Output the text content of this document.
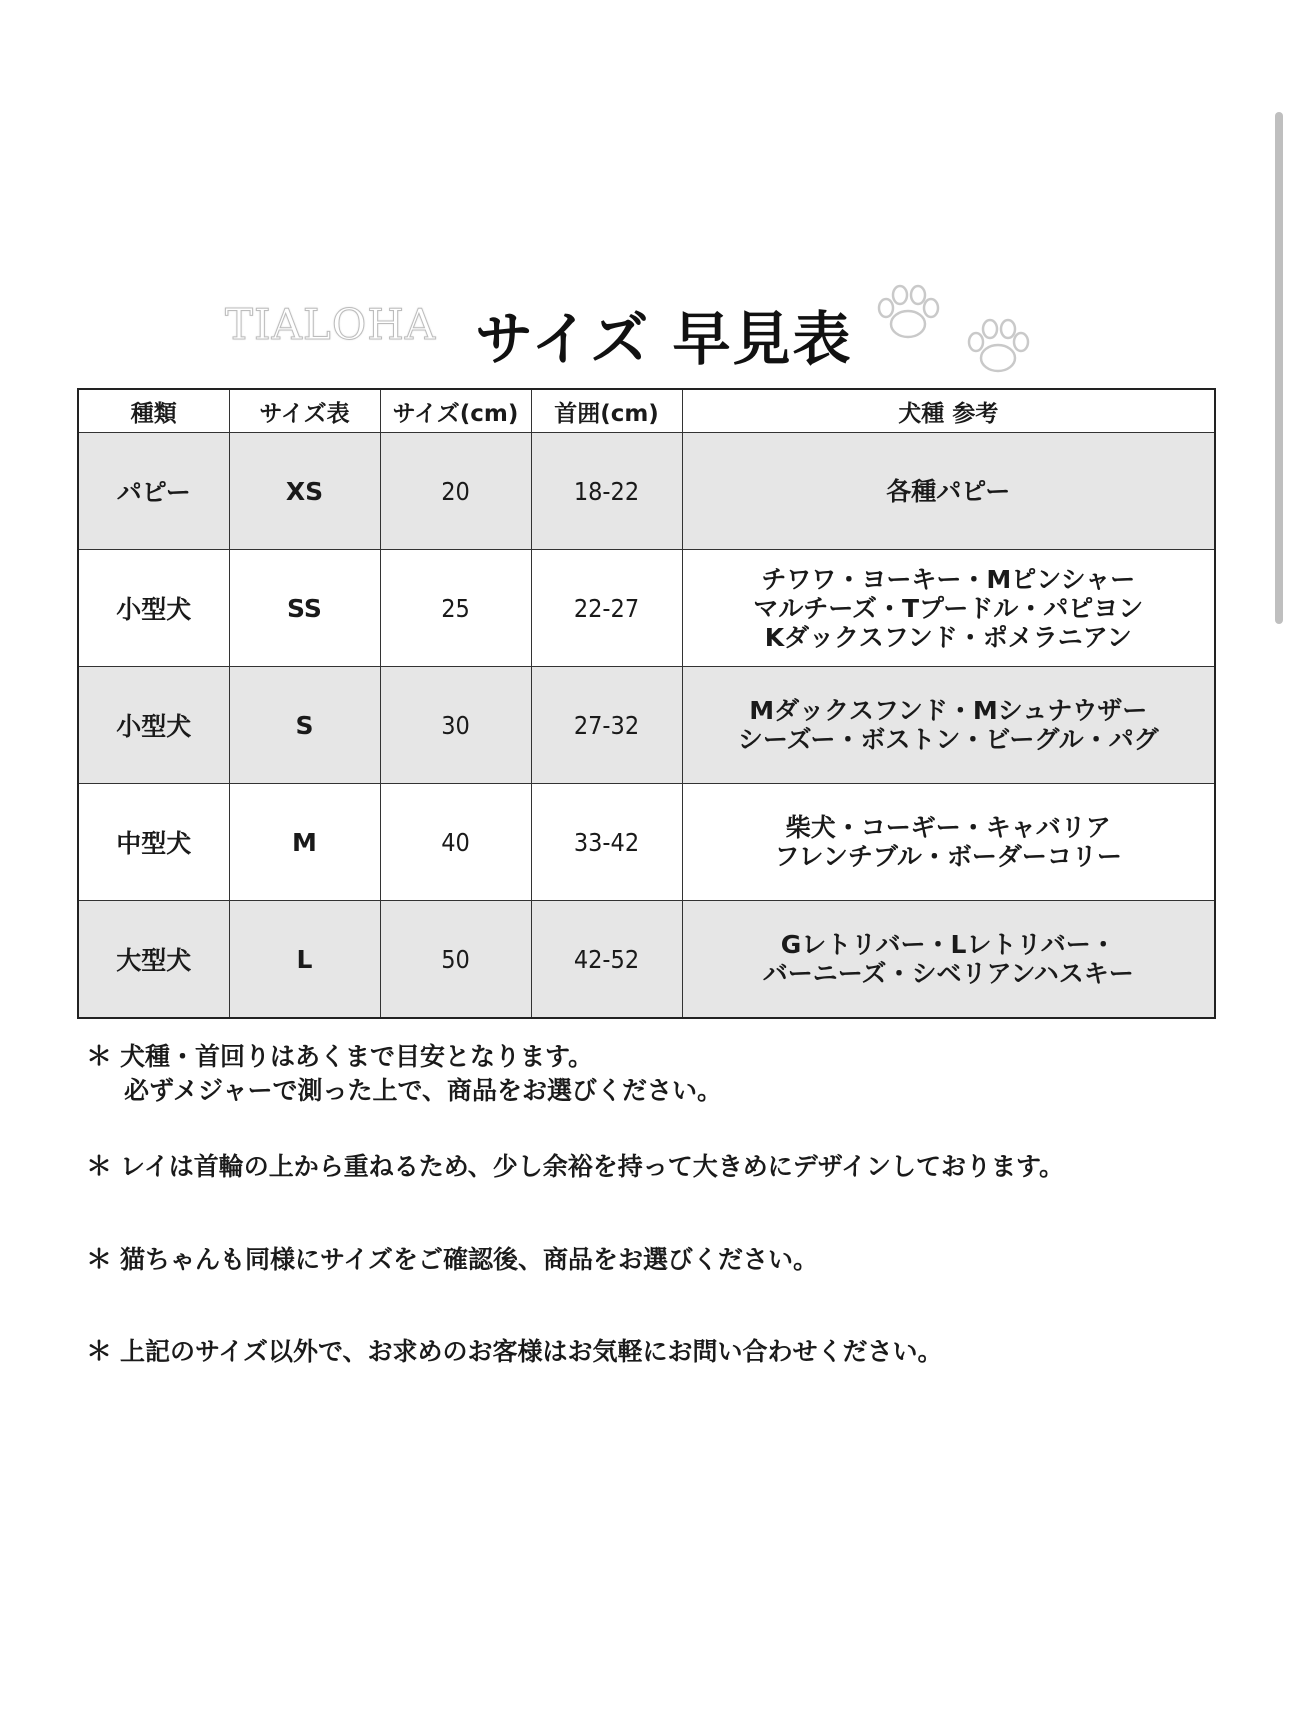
TIALOHA サイズ 早見表
種類	サイズ表	サイズ(cm)	首囲(cm)	犬種 参考
パピー	XS	20	18-22	各種パピー

小型犬	SS	25	22-27	チワワ・ヨーキー・Mピンシャー
マルチーズ・Tプードル・パピヨン
Kダックスフンド・ポメラニアン

小型犬	S	30	27-32	Mダックスフンド・Mシュナウザー
シーズー・ボストン・ビーグル・パグ

中型犬	M	40	33-42	柴犬・コーギー・キャバリア
フレンチブル・ボーダーコリー

大型犬	L	50	42-52	Gレトリバー・Lレトリバー・
バーニーズ・シベリアンハスキー
＊ 犬種・首回りはあくまで目安となります。
必ずメジャーで測った上で、商品をお選びください。
＊ レイは首輪の上から重ねるため、少し余裕を持って大きめにデザインしております。
＊ 猫ちゃんも同様にサイズをご確認後、商品をお選びください。
＊ 上記のサイズ以外で、お求めのお客様はお気軽にお問い合わせください。
